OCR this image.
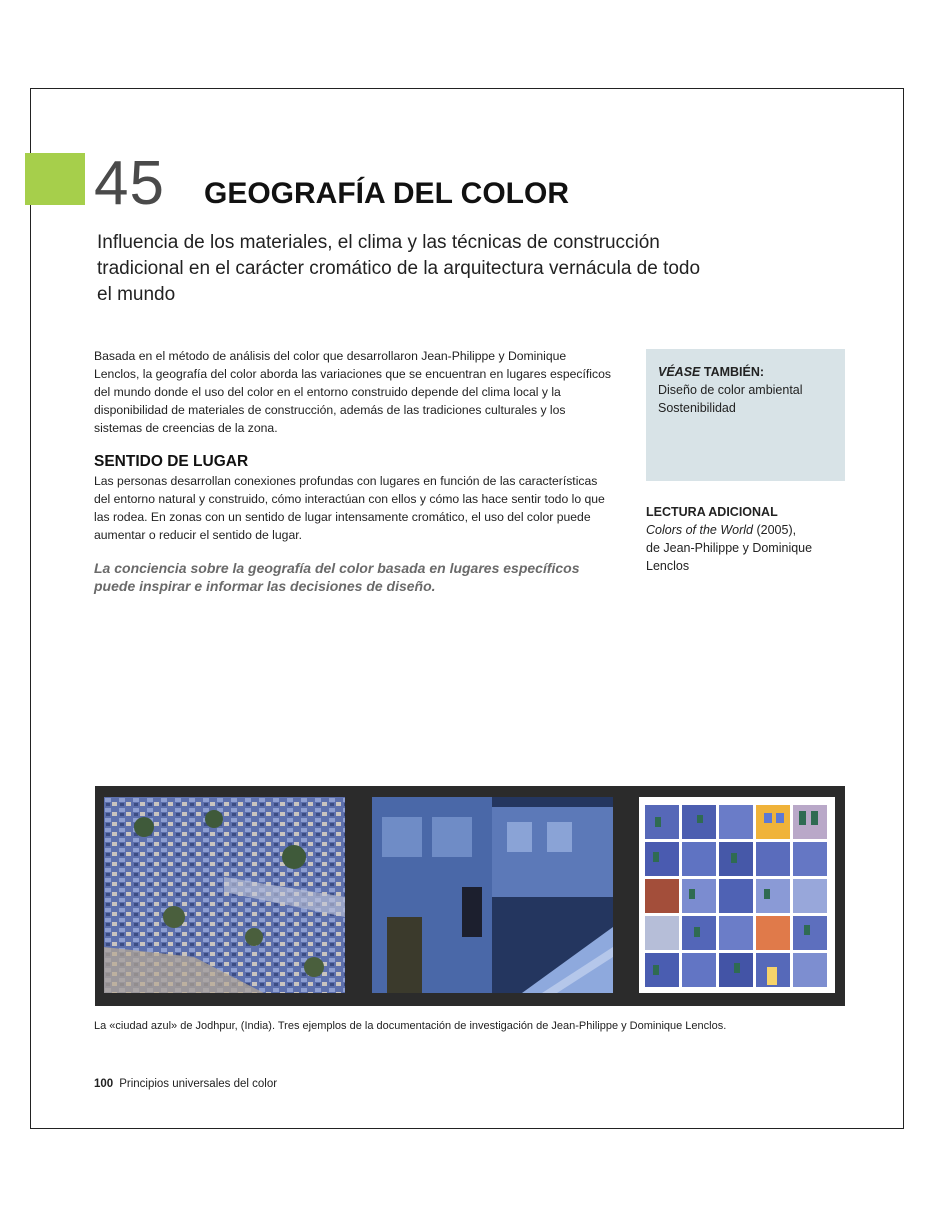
45 GEOGRAFÍA DEL COLOR
Influencia de los materiales, el clima y las técnicas de construcción tradicional en el carácter cromático de la arquitectura vernácula de todo el mundo

Basada en el método de análisis del color que desarrollaron Jean-Philippe y Dominique Lenclos, la geografía del color aborda las variaciones que se encuentran en lugares específicos del mundo donde el uso del color en el entorno construido depende del clima local y la disponibilidad de materiales de construcción, además de las tradiciones culturales y los sistemas de creencias de la zona.

SENTIDO DE LUGAR

Las personas desarrollan conexiones profundas con lugares en función de las características del entorno natural y construido, cómo interactúan con ellos y cómo las hace sentir todo lo que las rodea. En zonas con un sentido de lugar intensamente cromático, el uso del color puede aumentar o reducir el sentido de lugar.

La conciencia sobre la geografía del color basada en lugares específicos puede inspirar e informar las decisiones de diseño.
VÉASE TAMBIÉN:
Diseño de color ambiental
Sostenibilidad
LECTURA ADICIONAL
Colors of the World (2005),
de Jean-Philippe y Dominique Lenclos
La «ciudad azul» de Jodhpur, (India). Tres ejemplos de la documentación de investigación de Jean-Philippe y Dominique Lenclos.
100 Principios universales del color
